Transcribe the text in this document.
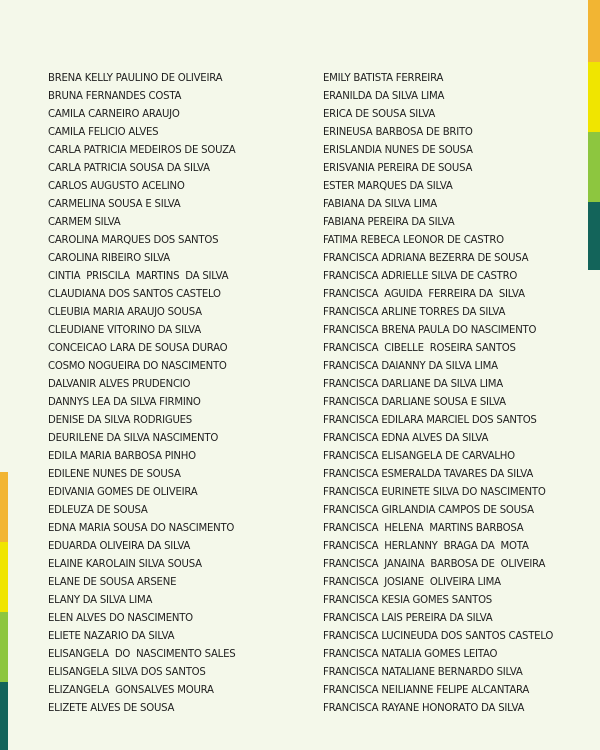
BRENA KELLY PAULINO DE OLIVEIRA
BRUNA FERNANDES COSTA
CAMILA CARNEIRO ARAUJO
CAMILA FELICIO ALVES
CARLA PATRICIA MEDEIROS DE SOUZA
CARLA PATRICIA SOUSA DA SILVA
CARLOS AUGUSTO ACELINO
CARMELINA SOUSA E SILVA
CARMEM SILVA
CAROLINA MARQUES DOS SANTOS
CAROLINA RIBEIRO SILVA
CINTIA  PRISCILA  MARTINS  DA SILVA
CLAUDIANA DOS SANTOS CASTELO
CLEUBIA MARIA ARAUJO SOUSA
CLEUDIANE VITORINO DA SILVA
CONCEICAO LARA DE SOUSA DURAO
COSMO NOGUEIRA DO NASCIMENTO
DALVANIR ALVES PRUDENCIO
DANNYS LEA DA SILVA FIRMINO
DENISE DA SILVA RODRIGUES
DEURILENE DA SILVA NASCIMENTO
EDILA MARIA BARBOSA PINHO
EDILENE NUNES DE SOUSA
EDIVANIA GOMES DE OLIVEIRA
EDLEUZA DE SOUSA
EDNA MARIA SOUSA DO NASCIMENTO
EDUARDA OLIVEIRA DA SILVA
ELAINE KAROLAIN SILVA SOUSA
ELANE DE SOUSA ARSENE
ELANY DA SILVA LIMA
ELEN ALVES DO NASCIMENTO
ELIETE NAZARIO DA SILVA
ELISANGELA  DO  NASCIMENTO SALES
ELISANGELA SILVA DOS SANTOS
ELIZANGELA  GONSALVES MOURA
ELIZETE ALVES DE SOUSA
EMILY BATISTA FERREIRA
ERANILDA DA SILVA LIMA
ERICA DE SOUSA SILVA
ERINEUSA BARBOSA DE BRITO
ERISLANDIA NUNES DE SOUSA
ERISVANIA PEREIRA DE SOUSA
ESTER MARQUES DA SILVA
FABIANA DA SILVA LIMA
FABIANA PEREIRA DA SILVA
FATIMA REBECA LEONOR DE CASTRO
FRANCISCA ADRIANA BEZERRA DE SOUSA
FRANCISCA ADRIELLE SILVA DE CASTRO
FRANCISCA  AGUIDA  FERREIRA DA  SILVA
FRANCISCA ARLINE TORRES DA SILVA
FRANCISCA BRENA PAULA DO NASCIMENTO
FRANCISCA  CIBELLE  ROSEIRA SANTOS
FRANCISCA DAIANNY DA SILVA LIMA
FRANCISCA DARLIANE DA SILVA LIMA
FRANCISCA DARLIANE SOUSA E SILVA
FRANCISCA EDILARA MARCIEL DOS SANTOS
FRANCISCA EDNA ALVES DA SILVA
FRANCISCA ELISANGELA DE CARVALHO
FRANCISCA ESMERALDA TAVARES DA SILVA
FRANCISCA EURINETE SILVA DO NASCIMENTO
FRANCISCA GIRLANDIA CAMPOS DE SOUSA
FRANCISCA  HELENA  MARTINS BARBOSA
FRANCISCA  HERLANNY  BRAGA DA  MOTA
FRANCISCA  JANAINA  BARBOSA DE  OLIVEIRA
FRANCISCA  JOSIANE  OLIVEIRA LIMA
FRANCISCA KESIA GOMES SANTOS
FRANCISCA LAIS PEREIRA DA SILVA
FRANCISCA LUCINEUDA DOS SANTOS CASTELO
FRANCISCA NATALIA GOMES LEITAO
FRANCISCA NATALIANE BERNARDO SILVA
FRANCISCA NEILIANNE FELIPE ALCANTARA
FRANCISCA RAYANE HONORATO DA SILVA
